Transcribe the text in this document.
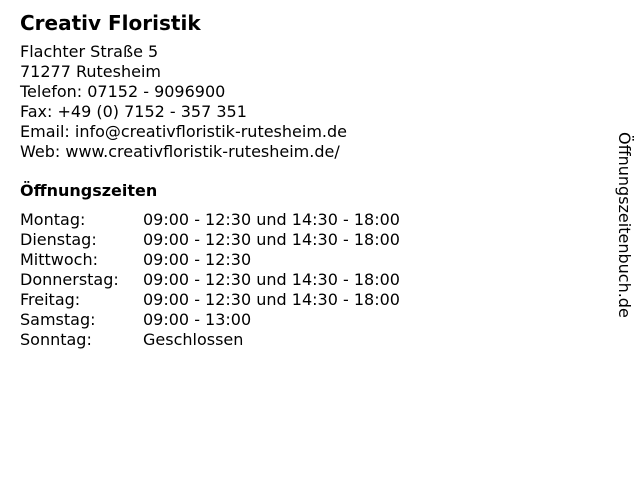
Creativ Floristik
Flachter Straße 5
71277 Rutesheim
Telefon: 07152 - 9096900
Fax: +49 (0) 7152 - 357 351
Email: info@creativfloristik-rutesheim.de
Web: www.creativfloristik-rutesheim.de/
Öffnungszeiten
Montag:	09:00 - 12:30 und 14:30 - 18:00
Dienstag:	09:00 - 12:30 und 14:30 - 18:00
Mittwoch:	09:00 - 12:30
Donnerstag:	09:00 - 12:30 und 14:30 - 18:00
Freitag:	09:00 - 12:30 und 14:30 - 18:00
Samstag:	09:00 - 13:00
Sonntag:	Geschlossen
Öffnungszeitenbuch.de
